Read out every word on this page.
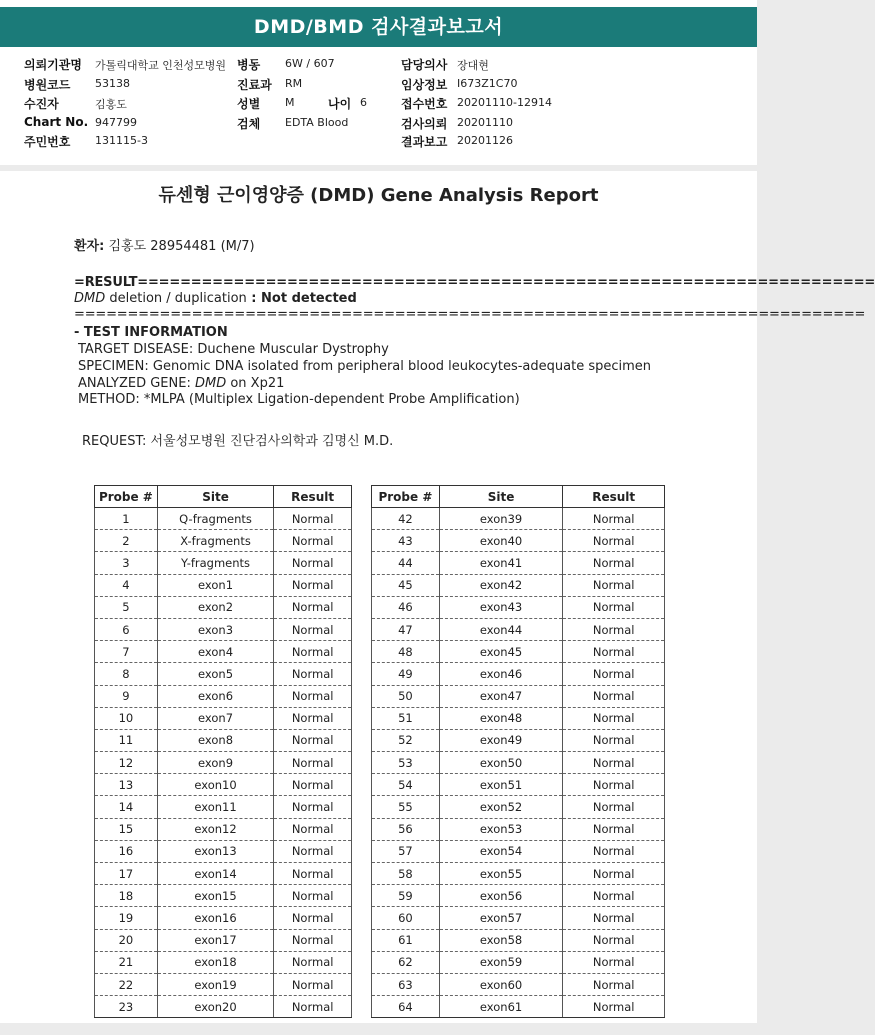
DMD/BMD 검사결과보고서
의뢰기관명 가톨릭대학교 인천성모병원
병원코드 53138
수진자	김홍도
Chart No. 947799
주민번호 131115-3
병동 6W / 607
진료과 RM
성별 M	나이 6
검체 EDTA Blood
담당의사 장대현
임상정보 I673Z1C70
접수번호 20201110-12914
검사의뢰 20201110
결과보고 20201126
듀센형 근이영양증 (DMD) Gene Analysis Report
환자: 김홍도 28954481 (M/7)
=RESULT=====================================================================
DMD deletion / duplication : Not detected
==========================================================================
- TEST INFORMATION
TARGET DISEASE: Duchene Muscular Dystrophy
SPECIMEN: Genomic DNA isolated from peripheral blood leukocytes-adequate specimen
ANALYZED GENE: DMD on Xp21
METHOD: *MLPA (Multiplex Ligation-dependent Probe Amplification)
REQUEST: 서울성모병원 진단검사의학과 김명신 M.D.
Probe #	Site	Result
1	Q-fragments	Normal
2	X-fragments	Normal
3	Y-fragments	Normal
4	exon1	Normal
5	exon2	Normal
6	exon3	Normal
7	exon4	Normal
8	exon5	Normal
9	exon6	Normal
10	exon7	Normal
11	exon8	Normal
12	exon9	Normal
13	exon10	Normal
14	exon11	Normal
15	exon12	Normal
16	exon13	Normal
17	exon14	Normal
18	exon15	Normal
19	exon16	Normal
20	exon17	Normal
21	exon18	Normal
22	exon19	Normal
23	exon20	Normal
Probe #	Site	Result
42	exon39	Normal
43	exon40	Normal
44	exon41	Normal
45	exon42	Normal
46	exon43	Normal
47	exon44	Normal
48	exon45	Normal
49	exon46	Normal
50	exon47	Normal
51	exon48	Normal
52	exon49	Normal
53	exon50	Normal
54	exon51	Normal
55	exon52	Normal
56	exon53	Normal
57	exon54	Normal
58	exon55	Normal
59	exon56	Normal
60	exon57	Normal
61	exon58	Normal
62	exon59	Normal
63	exon60	Normal
64	exon61	Normal
